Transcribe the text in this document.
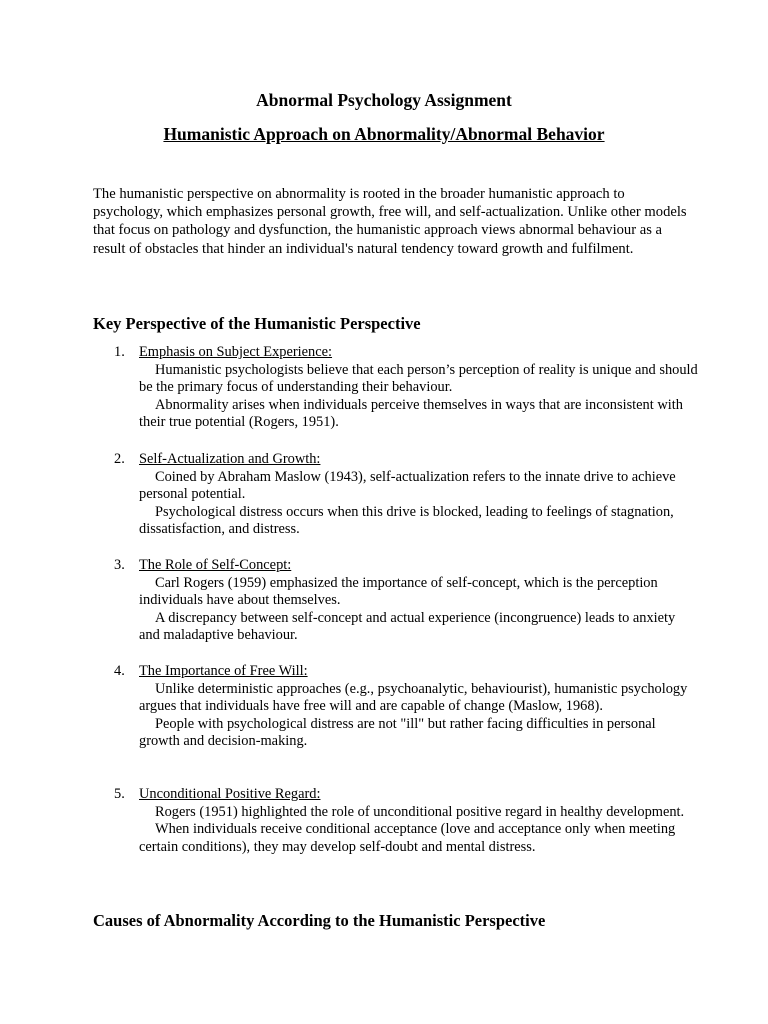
Abnormal Psychology Assignment
Humanistic Approach on Abnormality/Abnormal Behavior

The humanistic perspective on abnormality is rooted in the broader humanistic approach to psychology, which emphasizes personal growth, free will, and self-actualization. Unlike other models that focus on pathology and dysfunction, the humanistic approach views abnormal behaviour as a result of obstacles that hinder an individual's natural tendency toward growth and fulfilment.

Key Perspective of the Humanistic Perspective
1. Emphasis on Subject Experience:
Humanistic psychologists believe that each person’s perception of reality is unique and should be the primary focus of understanding their behaviour.
Abnormality arises when individuals perceive themselves in ways that are inconsistent with their true potential (Rogers, 1951).
2. Self-Actualization and Growth:
Coined by Abraham Maslow (1943), self-actualization refers to the innate drive to achieve personal potential.
Psychological distress occurs when this drive is blocked, leading to feelings of stagnation, dissatisfaction, and distress.
3. The Role of Self-Concept:
Carl Rogers (1959) emphasized the importance of self-concept, which is the perception individuals have about themselves.
A discrepancy between self-concept and actual experience (incongruence) leads to anxiety and maladaptive behaviour.
4. The Importance of Free Will:
Unlike deterministic approaches (e.g., psychoanalytic, behaviourist), humanistic psychology argues that individuals have free will and are capable of change (Maslow, 1968).
People with psychological distress are not "ill" but rather facing difficulties in personal growth and decision-making.
5. Unconditional Positive Regard:
Rogers (1951) highlighted the role of unconditional positive regard in healthy development.
When individuals receive conditional acceptance (love and acceptance only when meeting certain conditions), they may develop self-doubt and mental distress.
Causes of Abnormality According to the Humanistic Perspective
